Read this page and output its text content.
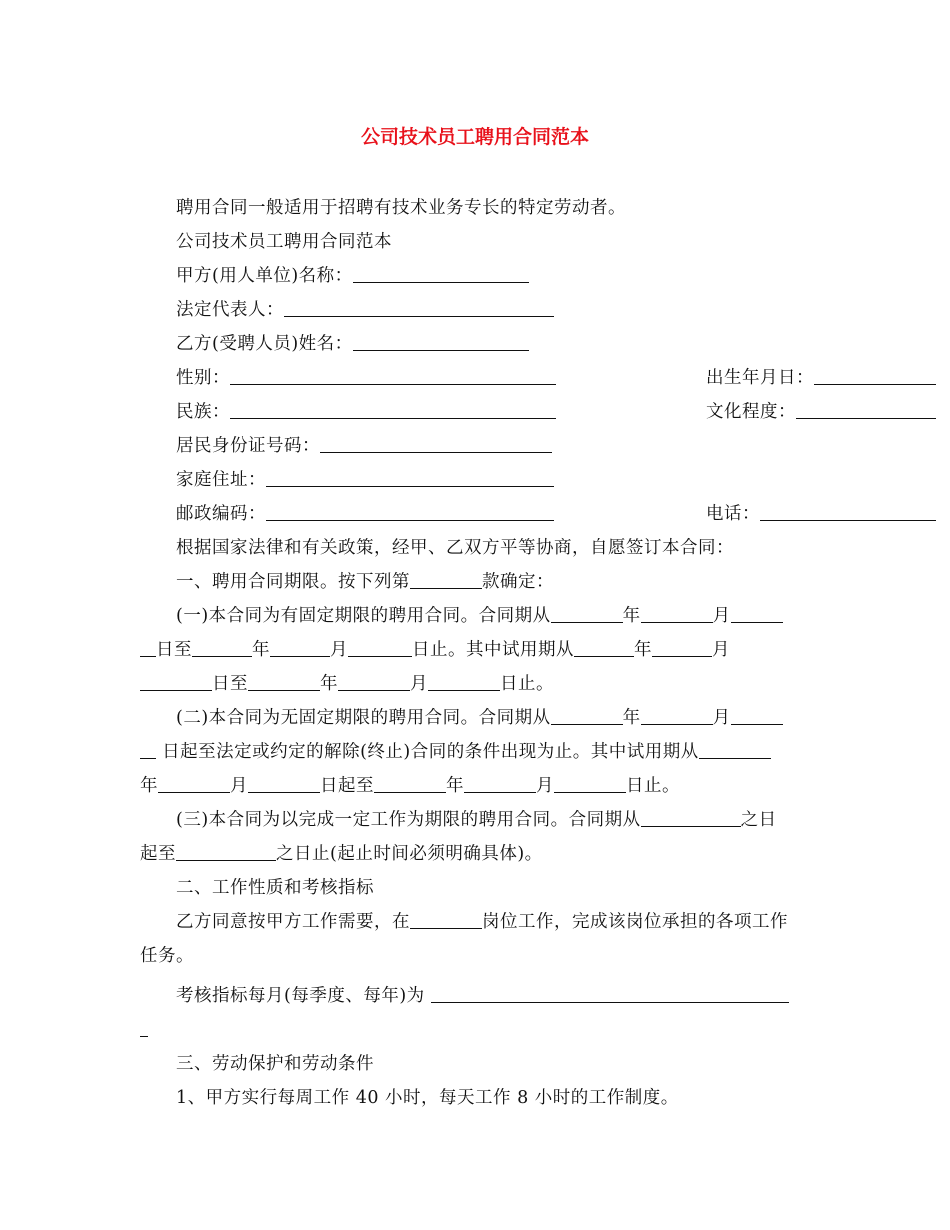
公司技术员工聘用合同范本
聘用合同一般适用于招聘有技术业务专长的特定劳动者。
公司技术员工聘用合同范本
甲方(用人单位)名称：
法定代表人：
乙方(受聘人员)姓名：
性别：	出生年月日：
民族：	文化程度：
居民身份证号码：
家庭住址：
邮政编码：	电话：
根据国家法律和有关政策，经甲、乙双方平等协商，自愿签订本合同：
一、聘用合同期限。按下列第	款确定：
(一)本合同为有固定期限的聘用合同。合同期从	年	月
日至	年	月	日止。其中试用期从	年	月
日至	年	月	日止。
(二)本合同为无固定期限的聘用合同。合同期从	年	月
日起至法定或约定的解除(终止)合同的条件出现为止。其中试用期从
年	月	日起至	年	月	日止。
(三)本合同为以完成一定工作为期限的聘用合同。合同期从	之日
起至	之日止(起止时间必须明确具体)。
二、工作性质和考核指标
乙方同意按甲方工作需要，在	岗位工作，完成该岗位承担的各项工作
任务。
考核指标每月(每季度、每年)为
三、劳动保护和劳动条件
1、甲方实行每周工作 40 小时，每天工作 8 小时的工作制度。
